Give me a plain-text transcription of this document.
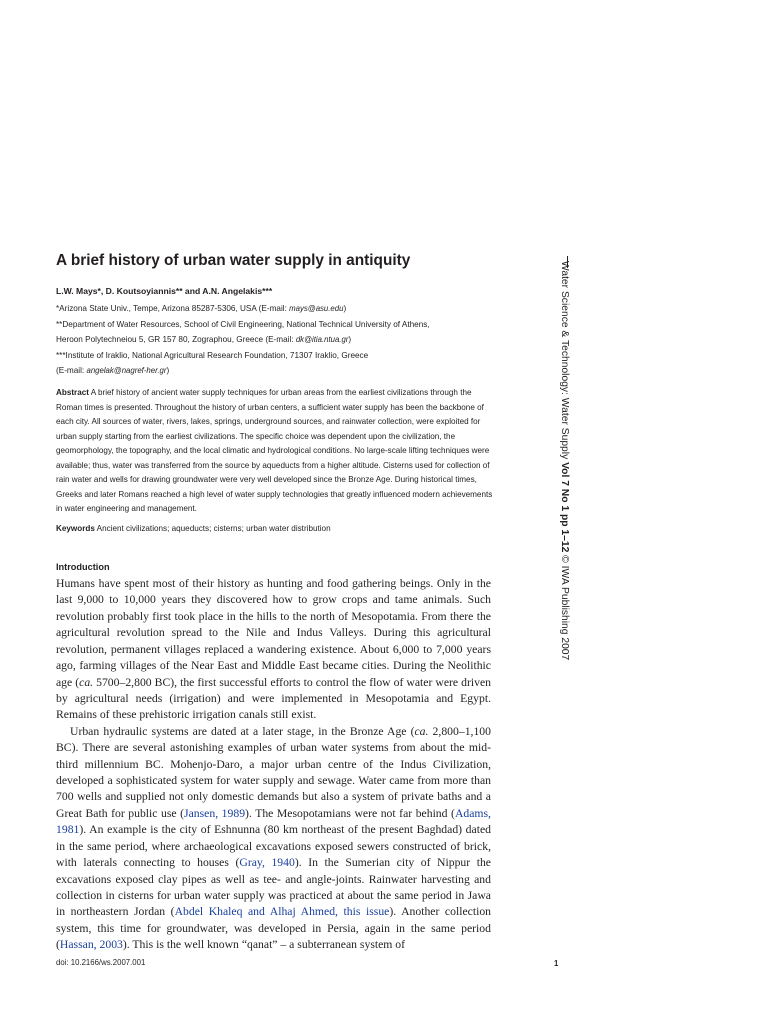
A brief history of urban water supply in antiquity
L.W. Mays*, D. Koutsoyiannis** and A.N. Angelakis***
*Arizona State Univ., Tempe, Arizona 85287-5306, USA (E-mail: mays@asu.edu)
**Department of Water Resources, School of Civil Engineering, National Technical University of Athens,
Heroon Polytechneiou 5, GR 157 80, Zographou, Greece (E-mail: dk@itia.ntua.gr)
***Institute of Iraklio, National Agricultural Research Foundation, 71307 Iraklio, Greece
(E-mail: angelak@nagref-her.gr)
Abstract A brief history of ancient water supply techniques for urban areas from the earliest civilizations through the Roman times is presented. Throughout the history of urban centers, a sufficient water supply has been the backbone of each city. All sources of water, rivers, lakes, springs, underground sources, and rainwater collection, were exploited for urban supply starting from the earliest civilizations. The specific choice was dependent upon the civilization, the geomorphology, the topography, and the local climatic and hydrological conditions. No large-scale lifting techniques were available; thus, water was transferred from the source by aqueducts from a higher altitude. Cisterns used for collection of rain water and wells for drawing groundwater were very well developed since the Bronze Age. During historical times, Greeks and later Romans reached a high level of water supply technologies that greatly influenced modern achievements in water engineering and management.
Keywords Ancient civilizations; aqueducts; cisterns; urban water distribution
Introduction

Humans have spent most of their history as hunting and food gathering beings. Only in the last 9,000 to 10,000 years they discovered how to grow crops and tame animals. Such revolution probably first took place in the hills to the north of Mesopotamia. From there the agricultural revolution spread to the Nile and Indus Valleys. During this agricultural revolution, permanent villages replaced a wandering existence. About 6,000 to 7,000 years ago, farming villages of the Near East and Middle East became cities. During the Neolithic age (ca. 5700–2,800 BC), the first successful efforts to control the flow of water were driven by agricultural needs (irrigation) and were implemented in Mesopotamia and Egypt. Remains of these prehistoric irrigation canals still exist.

Urban hydraulic systems are dated at a later stage, in the Bronze Age (ca. 2,800–1,100 BC). There are several astonishing examples of urban water systems from about the mid-third millennium BC. Mohenjo-Daro, a major urban centre of the Indus Civilization, developed a sophisticated system for water supply and sewage. Water came from more than 700 wells and supplied not only domestic demands but also a system of private baths and a Great Bath for public use (Jansen, 1989). The Mesopotamians were not far behind (Adams, 1981). An example is the city of Eshnunna (80 km northeast of the present Baghdad) dated in the same period, where archaeological excavations exposed sewers constructed of brick, with laterals connecting to houses (Gray, 1940). In the Sumerian city of Nippur the excavations exposed clay pipes as well as tee- and angle-joints. Rainwater harvesting and collection in cisterns for urban water supply was practiced at about the same period in Jawa in northeastern Jordan (Abdel Khaleq and Alhaj Ahmed, this issue). Another collection system, this time for groundwater, was developed in Persia, again in the same period (Hassan, 2003). This is the well known “qanat” – a subterranean system of

doi: 10.2166/ws.2007.001	1
Water Science & Technology: Water Supply Vol 7 No 1 pp 1–12 © IWA Publishing 2007
